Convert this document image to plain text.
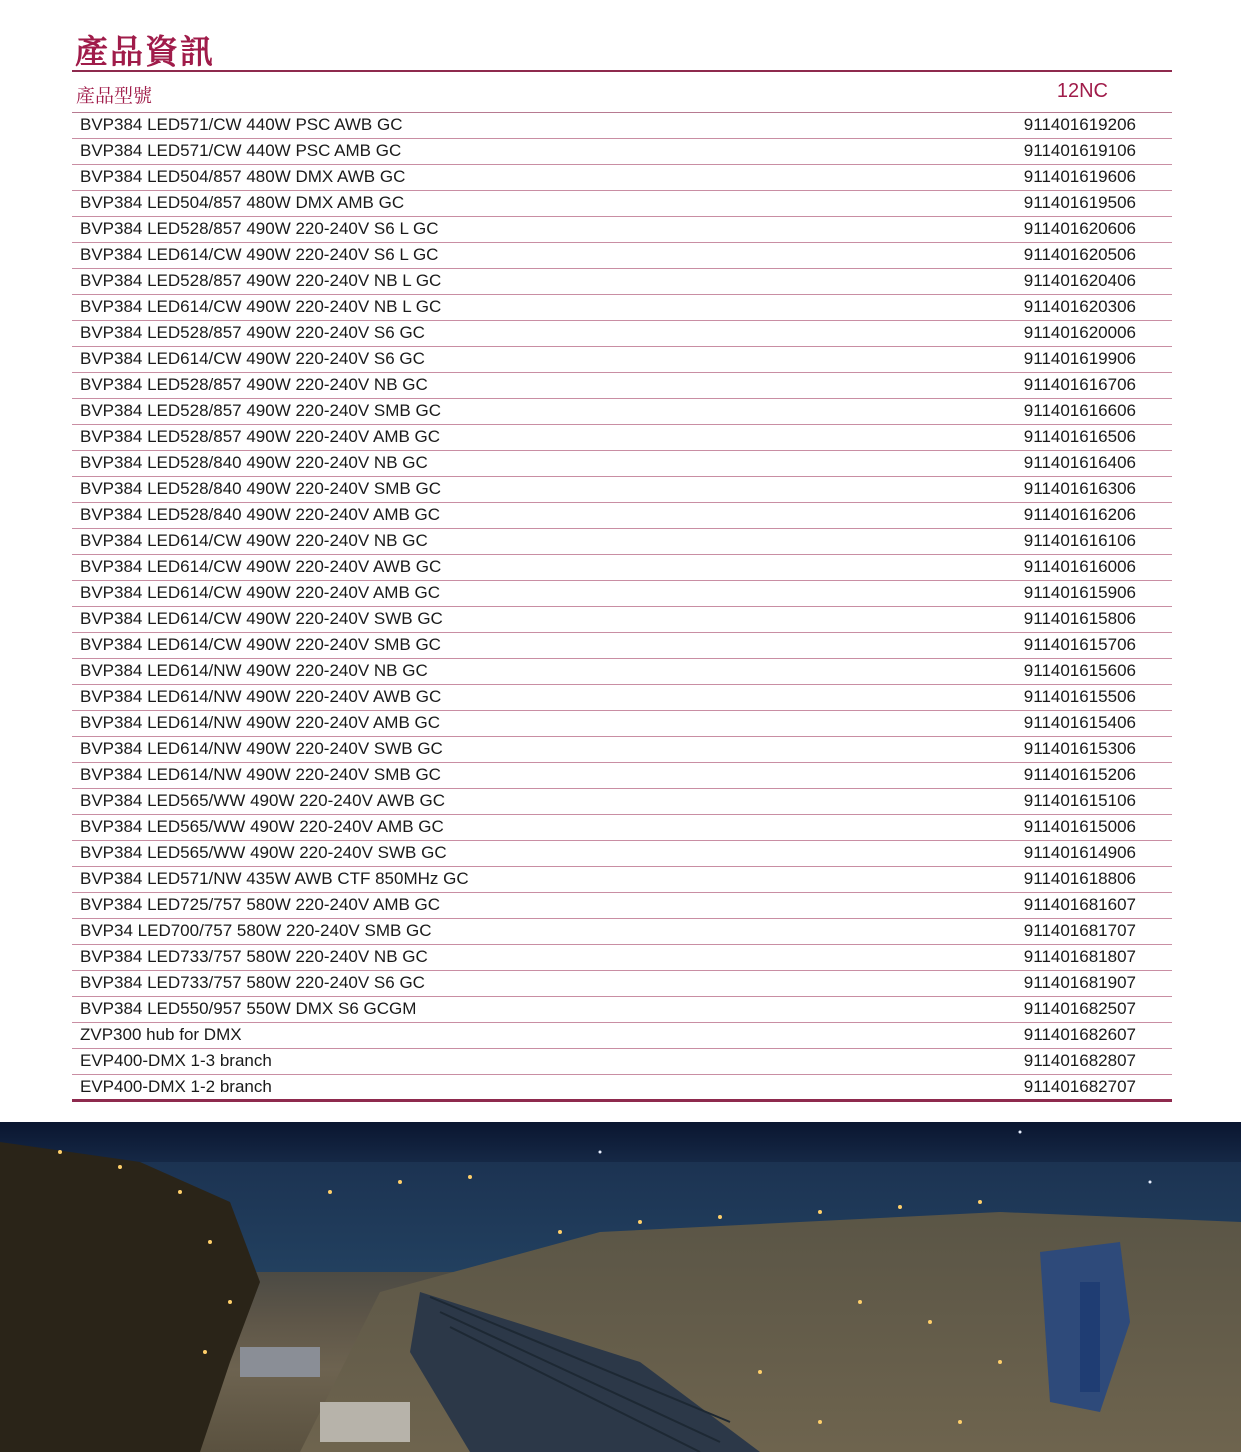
產品資訊
產品型號	12NC
BVP384 LED571/CW 440W PSC AWB GC	911401619206
BVP384 LED571/CW 440W PSC AMB GC	911401619106
BVP384 LED504/857 480W DMX AWB GC	911401619606
BVP384 LED504/857 480W DMX AMB GC	911401619506
BVP384 LED528/857 490W 220-240V S6 L GC	911401620606
BVP384 LED614/CW 490W 220-240V S6 L GC	911401620506
BVP384 LED528/857 490W 220-240V NB L GC	911401620406
BVP384 LED614/CW 490W 220-240V NB L GC	911401620306
BVP384 LED528/857 490W 220-240V S6 GC	911401620006
BVP384 LED614/CW 490W 220-240V S6 GC	911401619906
BVP384 LED528/857 490W 220-240V NB GC	911401616706
BVP384 LED528/857 490W 220-240V SMB GC	911401616606
BVP384 LED528/857 490W 220-240V AMB GC	911401616506
BVP384 LED528/840 490W 220-240V NB GC	911401616406
BVP384 LED528/840 490W 220-240V SMB GC	911401616306
BVP384 LED528/840 490W 220-240V AMB GC	911401616206
BVP384 LED614/CW 490W 220-240V NB GC	911401616106
BVP384 LED614/CW 490W 220-240V AWB GC	911401616006
BVP384 LED614/CW 490W 220-240V AMB GC	911401615906
BVP384 LED614/CW 490W 220-240V SWB GC	911401615806
BVP384 LED614/CW 490W 220-240V SMB GC	911401615706
BVP384 LED614/NW 490W 220-240V NB GC	911401615606
BVP384 LED614/NW 490W 220-240V AWB GC	911401615506
BVP384 LED614/NW 490W 220-240V AMB GC	911401615406
BVP384 LED614/NW 490W 220-240V SWB GC	911401615306
BVP384 LED614/NW 490W 220-240V SMB GC	911401615206
BVP384 LED565/WW 490W 220-240V AWB GC	911401615106
BVP384 LED565/WW 490W 220-240V AMB GC	911401615006
BVP384 LED565/WW 490W 220-240V SWB GC	911401614906
BVP384 LED571/NW 435W AWB CTF 850MHz GC	911401618806
BVP384 LED725/757 580W 220-240V AMB GC	911401681607
BVP34 LED700/757 580W 220-240V SMB GC	911401681707
BVP384 LED733/757 580W 220-240V NB GC	911401681807
BVP384 LED733/757 580W 220-240V S6 GC	911401681907
BVP384 LED550/957 550W DMX S6 GCGM	911401682507
ZVP300 hub for DMX	911401682607
EVP400-DMX 1-3 branch	911401682807
EVP400-DMX 1-2 branch	911401682707
